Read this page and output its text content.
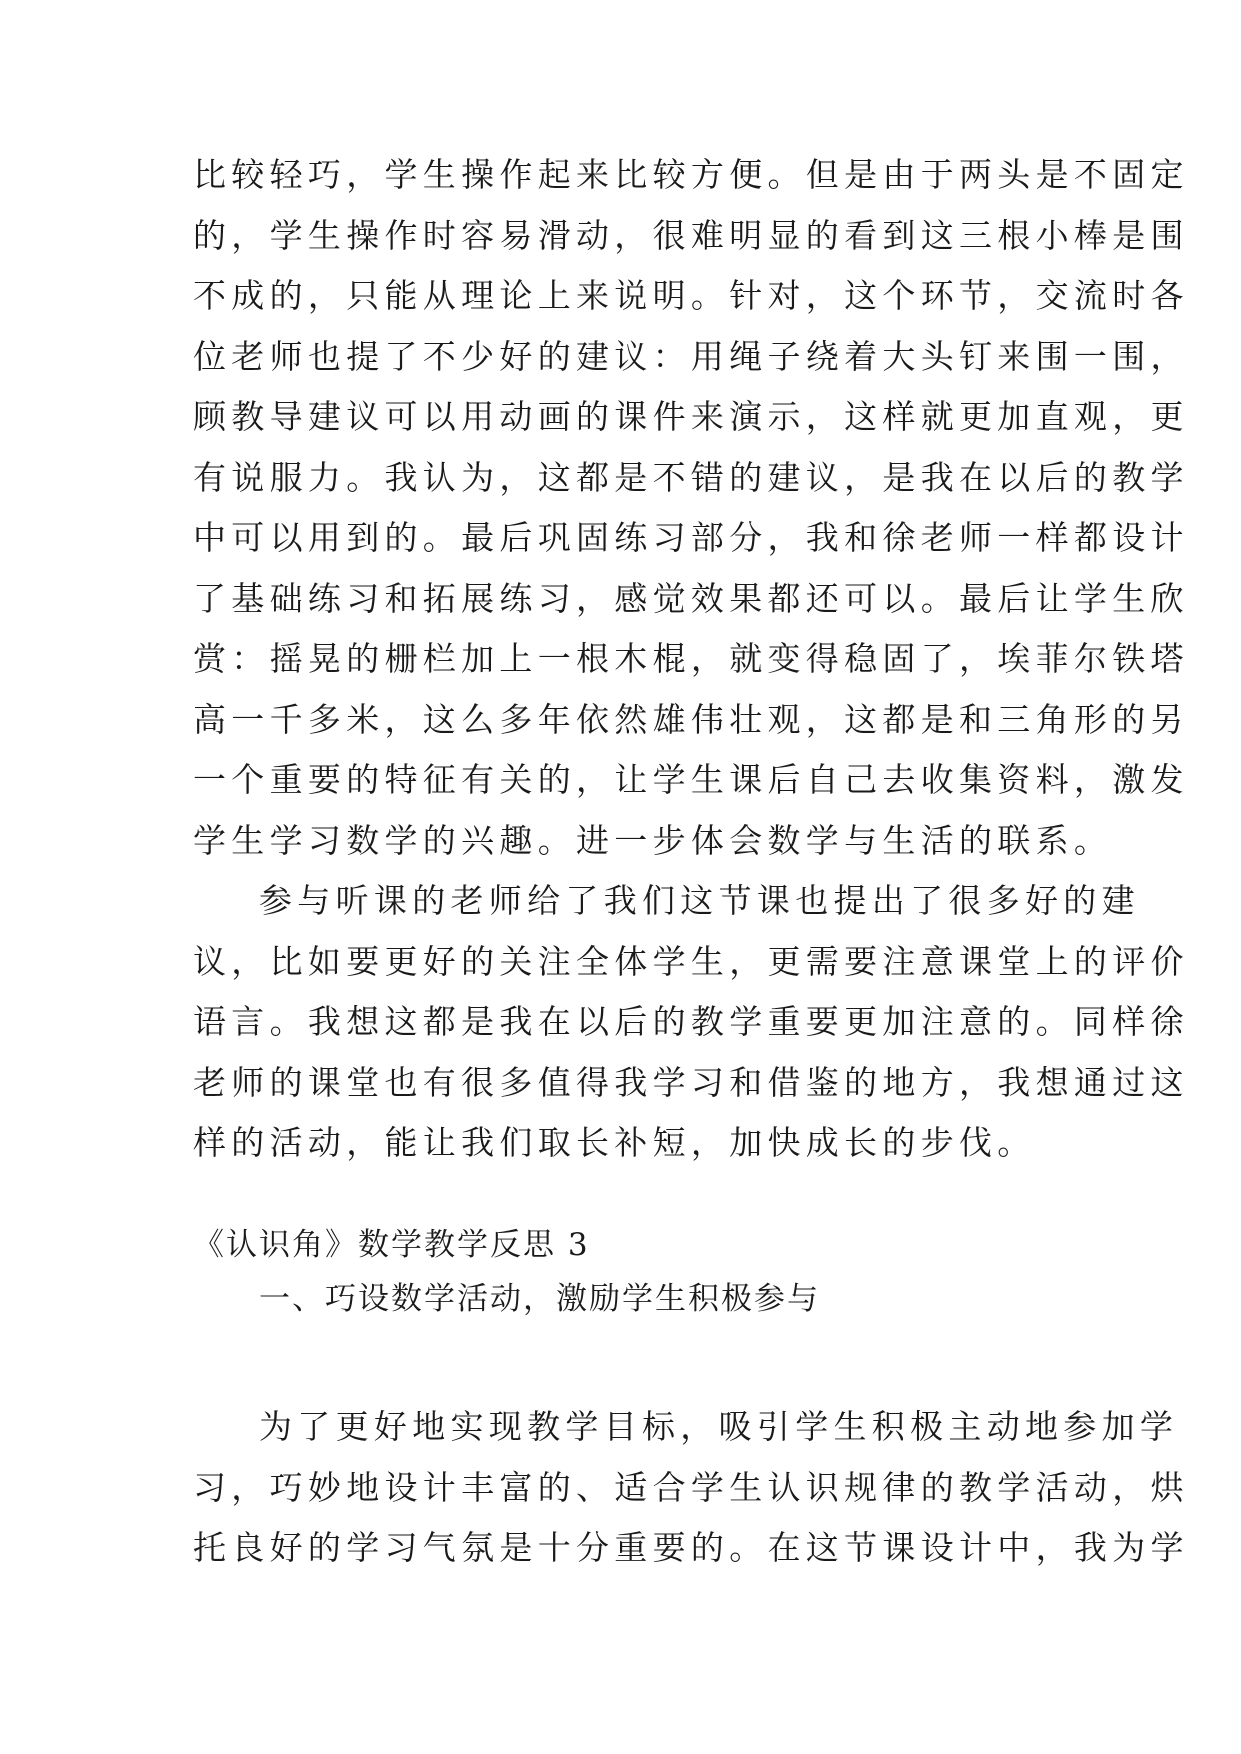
比较轻巧，学生操作起来比较方便。但是由于两头是不固定
的，学生操作时容易滑动，很难明显的看到这三根小棒是围
不成的，只能从理论上来说明。针对，这个环节，交流时各
位老师也提了不少好的建议：用绳子绕着大头钉来围一围，
顾教导建议可以用动画的课件来演示，这样就更加直观，更
有说服力。我认为，这都是不错的建议，是我在以后的教学
中可以用到的。最后巩固练习部分，我和徐老师一样都设计
了基础练习和拓展练习，感觉效果都还可以。最后让学生欣
赏：摇晃的栅栏加上一根木棍，就变得稳固了，埃菲尔铁塔
高一千多米，这么多年依然雄伟壮观，这都是和三角形的另
一个重要的特征有关的，让学生课后自己去收集资料，激发
学生学习数学的兴趣。进一步体会数学与生活的联系。
参与听课的老师给了我们这节课也提出了很多好的建
议，比如要更好的关注全体学生，更需要注意课堂上的评价
语言。我想这都是我在以后的教学重要更加注意的。同样徐
老师的课堂也有很多值得我学习和借鉴的地方，我想通过这
样的活动，能让我们取长补短，加快成长的步伐。
《认识角》数学教学反思 3
一、巧设数学活动，激励学生积极参与
为了更好地实现教学目标，吸引学生积极主动地参加学
习，巧妙地设计丰富的、适合学生认识规律的教学活动，烘
托良好的学习气氛是十分重要的。在这节课设计中，我为学
